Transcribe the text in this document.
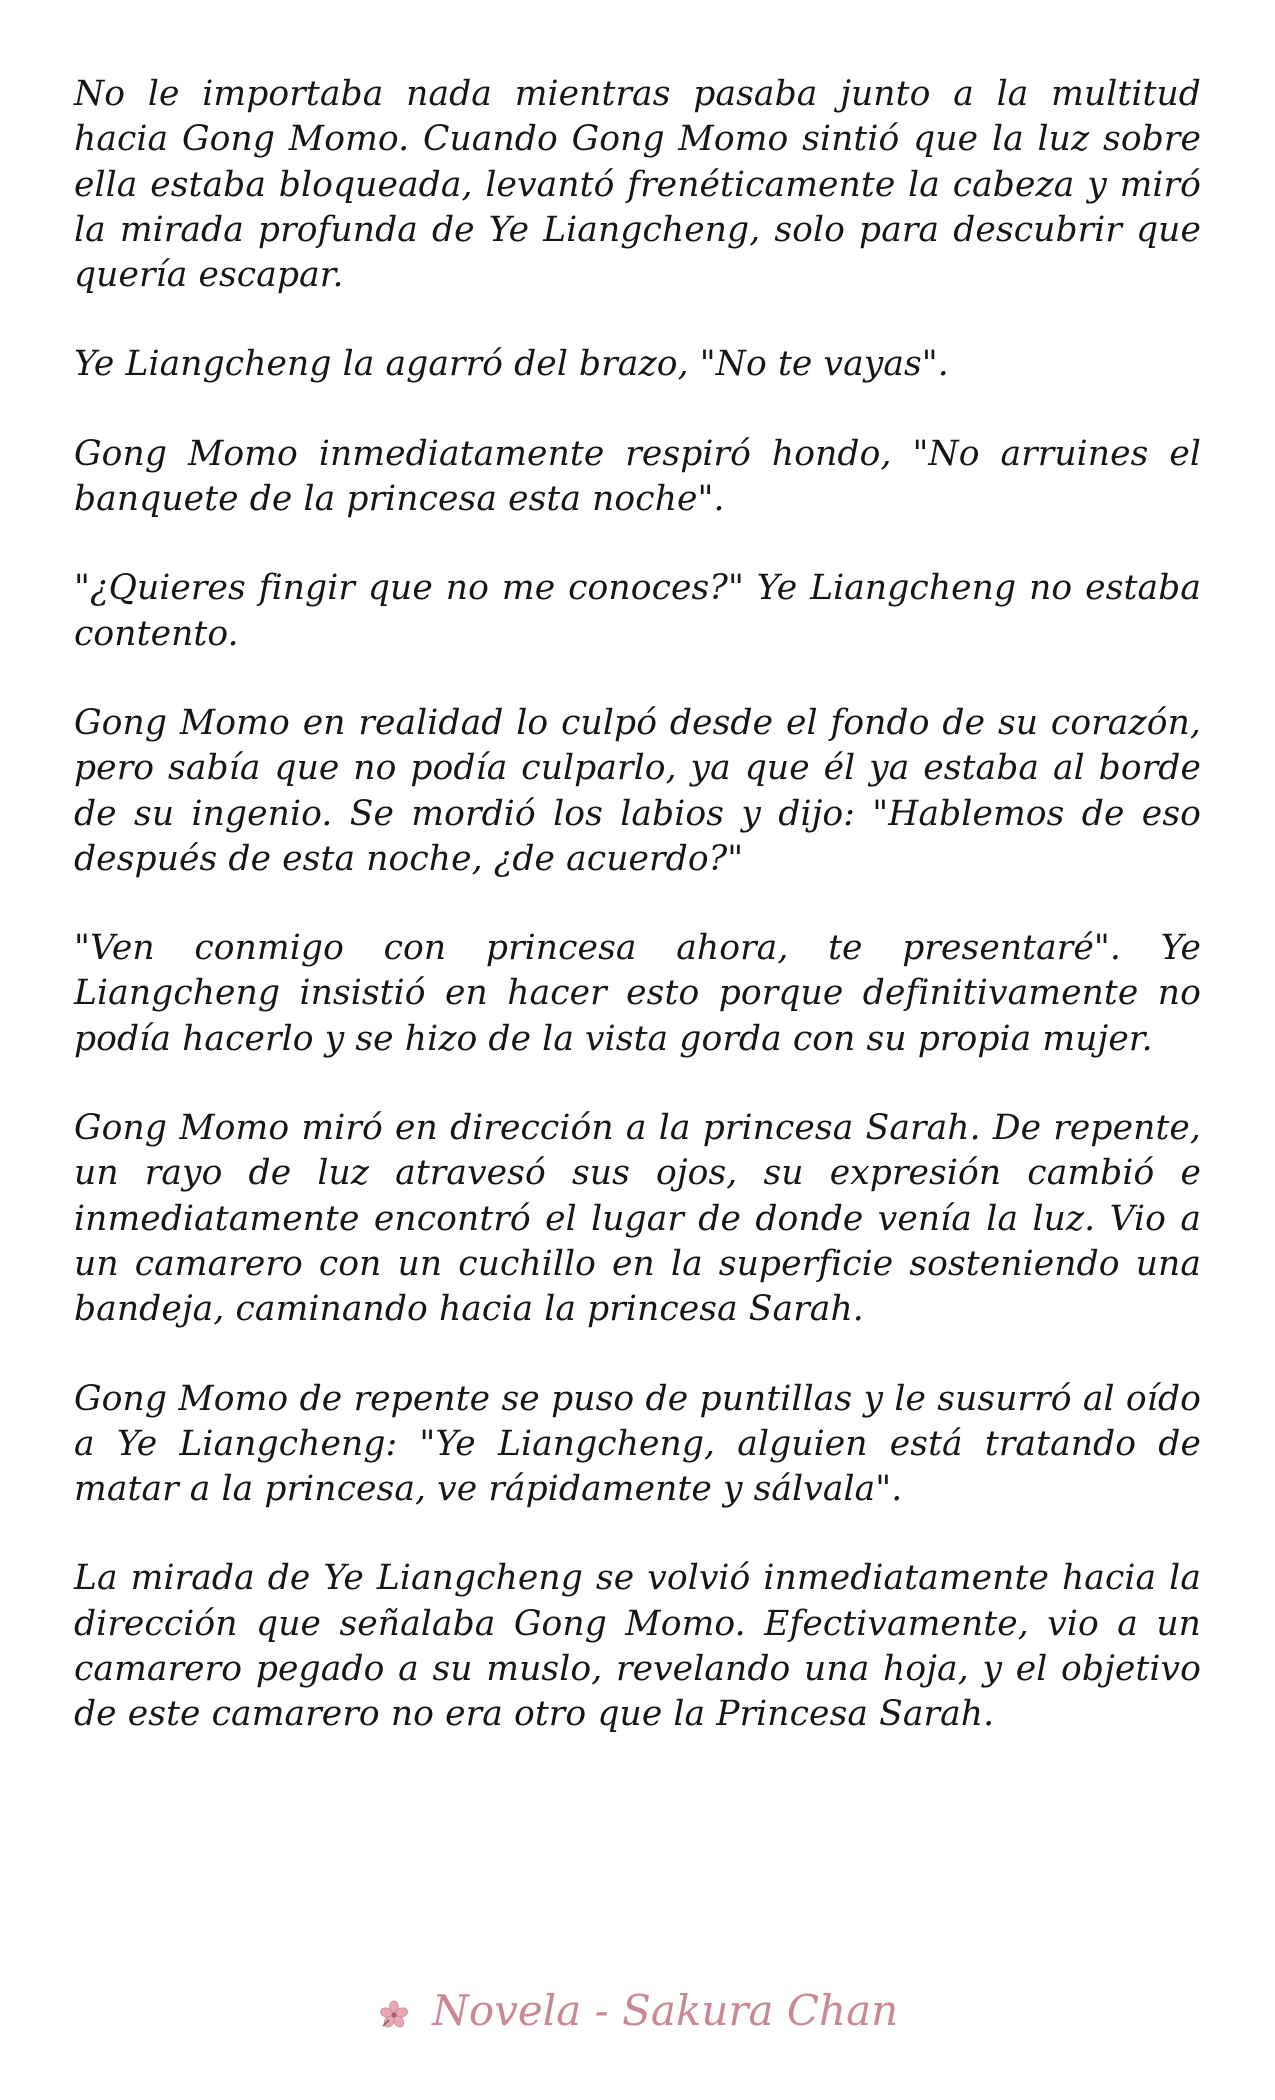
No le importaba nada mientras pasaba junto a la multitud hacia Gong Momo. Cuando Gong Momo sintió que la luz sobre ella estaba bloqueada, levantó frenéticamente la cabeza y miró la mirada profunda de Ye Liangcheng, solo para descubrir que quería escapar.

Ye Liangcheng la agarró del brazo, "No te vayas".

Gong Momo inmediatamente respiró hondo, "No arruines el banquete de la princesa esta noche".

"¿Quieres fingir que no me conoces?" Ye Liangcheng no estaba contento.

Gong Momo en realidad lo culpó desde el fondo de su corazón, pero sabía que no podía culparlo, ya que él ya estaba al borde de su ingenio. Se mordió los labios y dijo: "Hablemos de eso después de esta noche, ¿de acuerdo?"

"Ven conmigo con princesa ahora, te presentaré". Ye Liangcheng insistió en hacer esto porque definitivamente no podía hacerlo y se hizo de la vista gorda con su propia mujer.

Gong Momo miró en dirección a la princesa Sarah. De repente, un rayo de luz atravesó sus ojos, su expresión cambió e inmediatamente encontró el lugar de donde venía la luz. Vio a un camarero con un cuchillo en la superficie sosteniendo una bandeja, caminando hacia la princesa Sarah.

Gong Momo de repente se puso de puntillas y le susurró al oído a Ye Liangcheng: "Ye Liangcheng, alguien está tratando de matar a la princesa, ve rápidamente y sálvala".

La mirada de Ye Liangcheng se volvió inmediatamente hacia la dirección que señalaba Gong Momo. Efectivamente, vio a un camarero pegado a su muslo, revelando una hoja, y el objetivo de este camarero no era otro que la Princesa Sarah.

Novela - Sakura Chan
